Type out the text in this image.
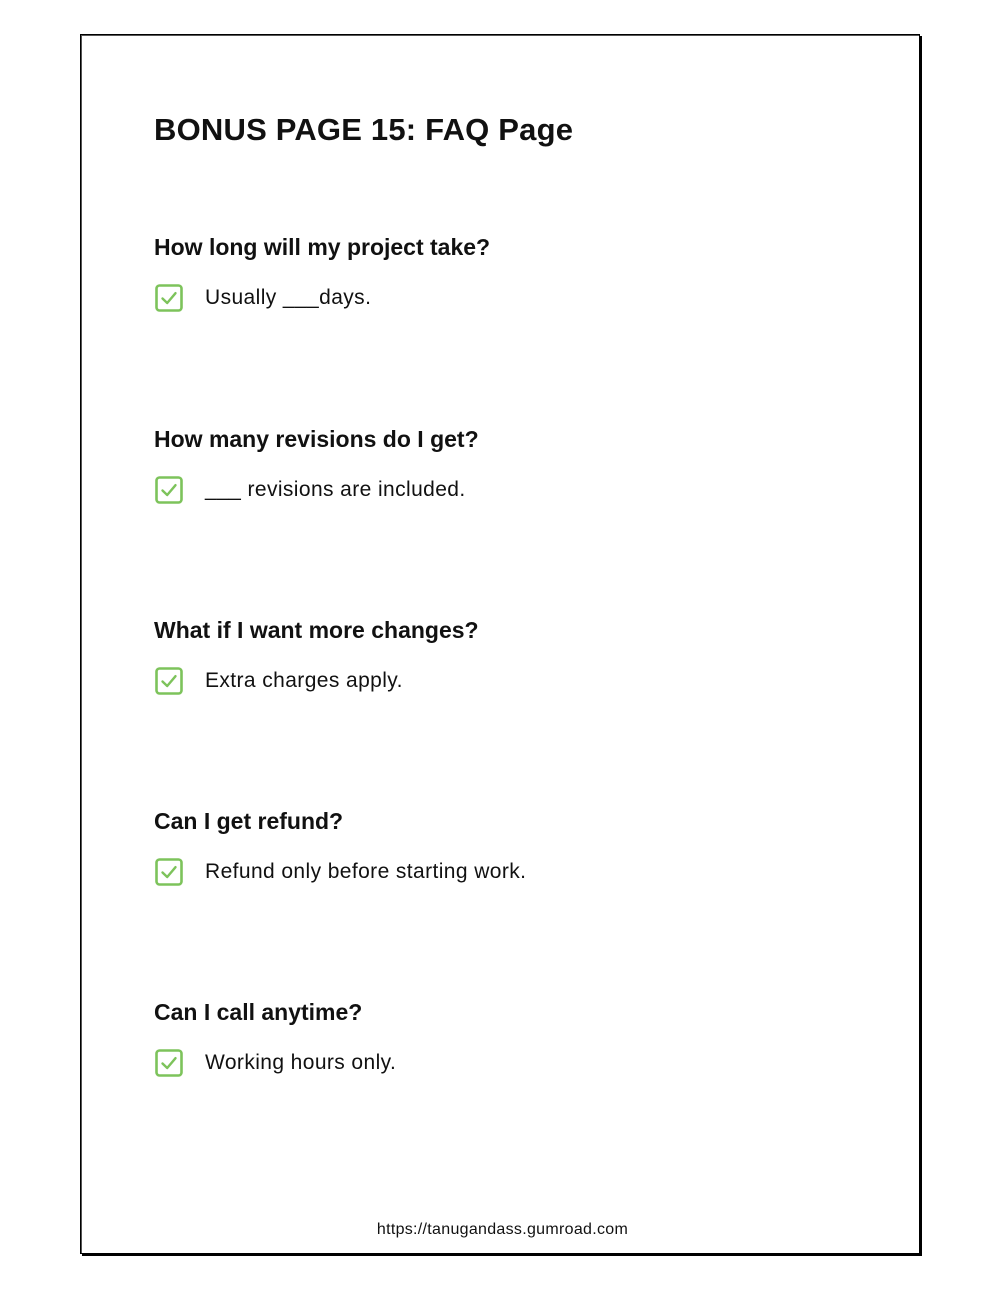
BONUS PAGE 15: FAQ Page
How long will my project take?
Usually ___days.
How many revisions do I get?
___ revisions are included.
What if I want more changes?
Extra charges apply.
Can I get refund?
Refund only before starting work.
Can I call anytime?
Working hours only.
https://tanugandass.gumroad.com
